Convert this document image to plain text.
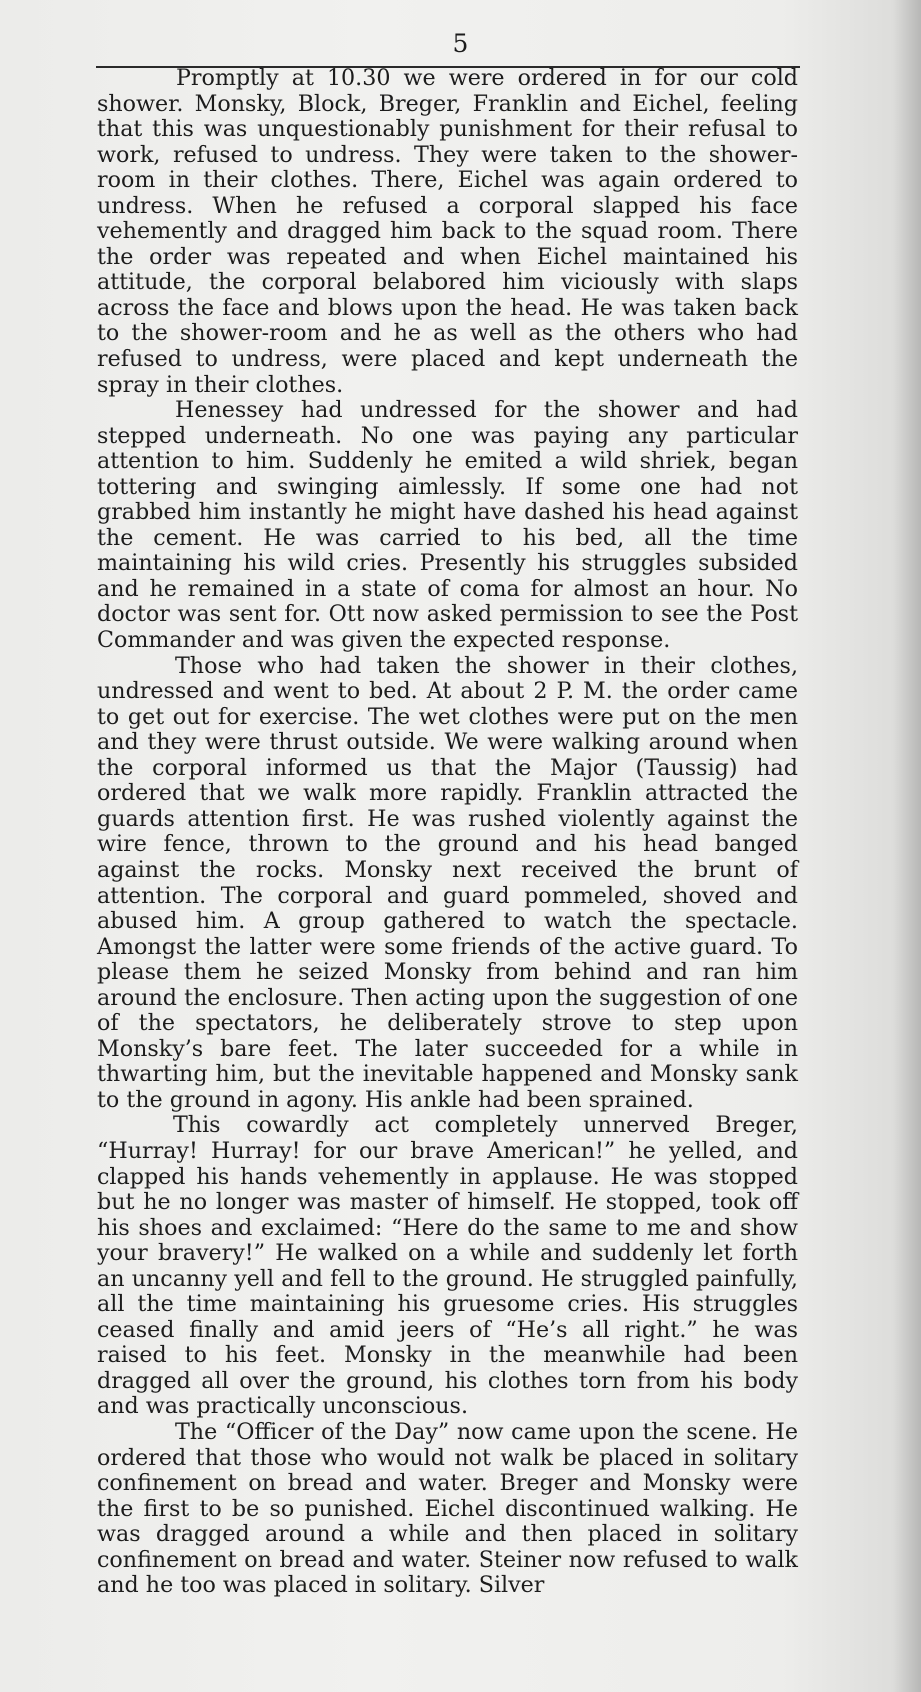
5

Promptly at 10.30 we were ordered in for our cold shower. Monsky, Block, Breger, Franklin and Eichel, feeling that this was unquestionably punishment for their refusal to work, refused to undress. They were taken to the shower-room in their clothes. There, Eichel was again ordered to undress. When he refused a corporal slapped his face vehemently and dragged him back to the squad room. There the order was repeated and when Eichel maintained his attitude, the corporal belabored him viciously with slaps across the face and blows upon the head. He was taken back to the shower-room and he as well as the others who had refused to undress, were placed and kept underneath the spray in their clothes.

Henessey had undressed for the shower and had stepped underneath. No one was paying any particular attention to him. Suddenly he emited a wild shriek, began tottering and swinging aimlessly. If some one had not grabbed him instantly he might have dashed his head against the cement. He was carried to his bed, all the time maintaining his wild cries. Presently his struggles subsided and he remained in a state of coma for almost an hour. No doctor was sent for. Ott now asked permission to see the Post Commander and was given the expected response.

Those who had taken the shower in their clothes, undressed and went to bed. At about 2 P. M. the order came to get out for exercise. The wet clothes were put on the men and they were thrust outside. We were walking around when the corporal informed us that the Major (Taussig) had ordered that we walk more rapidly. Franklin attracted the guards attention first. He was rushed violently against the wire fence, thrown to the ground and his head banged against the rocks. Monsky next received the brunt of attention. The corporal and guard pommeled, shoved and abused him. A group gathered to watch the spectacle. Amongst the latter were some friends of the active guard. To please them he seized Monsky from behind and ran him around the enclosure. Then acting upon the suggestion of one of the spectators, he deliberately strove to step upon Monsky’s bare feet. The later succeeded for a while in thwarting him, but the inevitable happened and Monsky sank to the ground in agony. His ankle had been sprained.

This cowardly act completely unnerved Breger, “Hurray! Hurray! for our brave American!” he yelled, and clapped his hands vehemently in applause. He was stopped but he no longer was master of himself. He stopped, took off his shoes and exclaimed: “Here do the same to me and show your bravery!” He walked on a while and suddenly let forth an uncanny yell and fell to the ground. He struggled painfully, all the time maintaining his gruesome cries. His struggles ceased finally and amid jeers of “He’s all right.” he was raised to his feet. Monsky in the meanwhile had been dragged all over the ground, his clothes torn from his body and was practically unconscious.

The “Officer of the Day” now came upon the scene. He ordered that those who would not walk be placed in solitary confinement on bread and water. Breger and Monsky were the first to be so punished. Eichel discontinued walking. He was dragged around a while and then placed in solitary confinement on bread and water. Steiner now refused to walk and he too was placed in solitary. Silver
